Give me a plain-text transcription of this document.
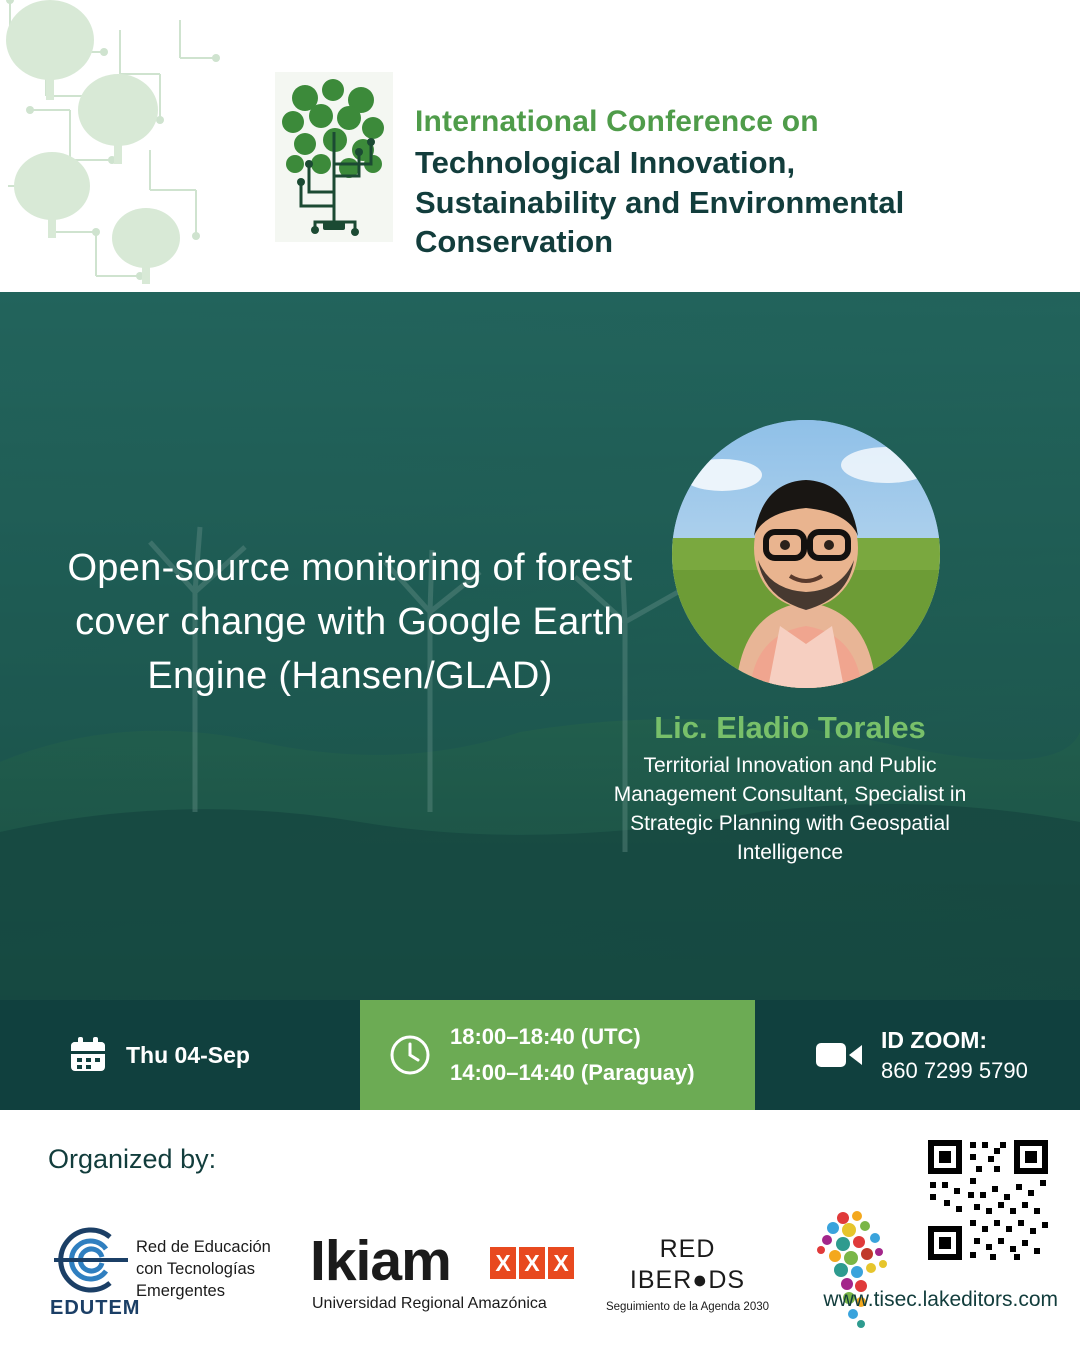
International Conference on
Technological Innovation, Sustainability and Environmental Conservation
Open-source monitoring of forest cover change with Google Earth Engine (Hansen/GLAD)
Lic. Eladio Torales
Territorial Innovation and Public Management Consultant, Specialist in Strategic Planning with Geospatial Intelligence
Thu 04-Sep
18:00–18:40 (UTC)
14:00–14:40 (Paraguay)
ID ZOOM:
860 7299 5790
Organized by:
Red de Educación
con Tecnologías
Emergentes
EDUTEM
Ikiam X X X
Universidad Regional Amazónica
RED
IBER●DS
Seguimiento de la Agenda 2030	www.tisec.lakeditors.com
